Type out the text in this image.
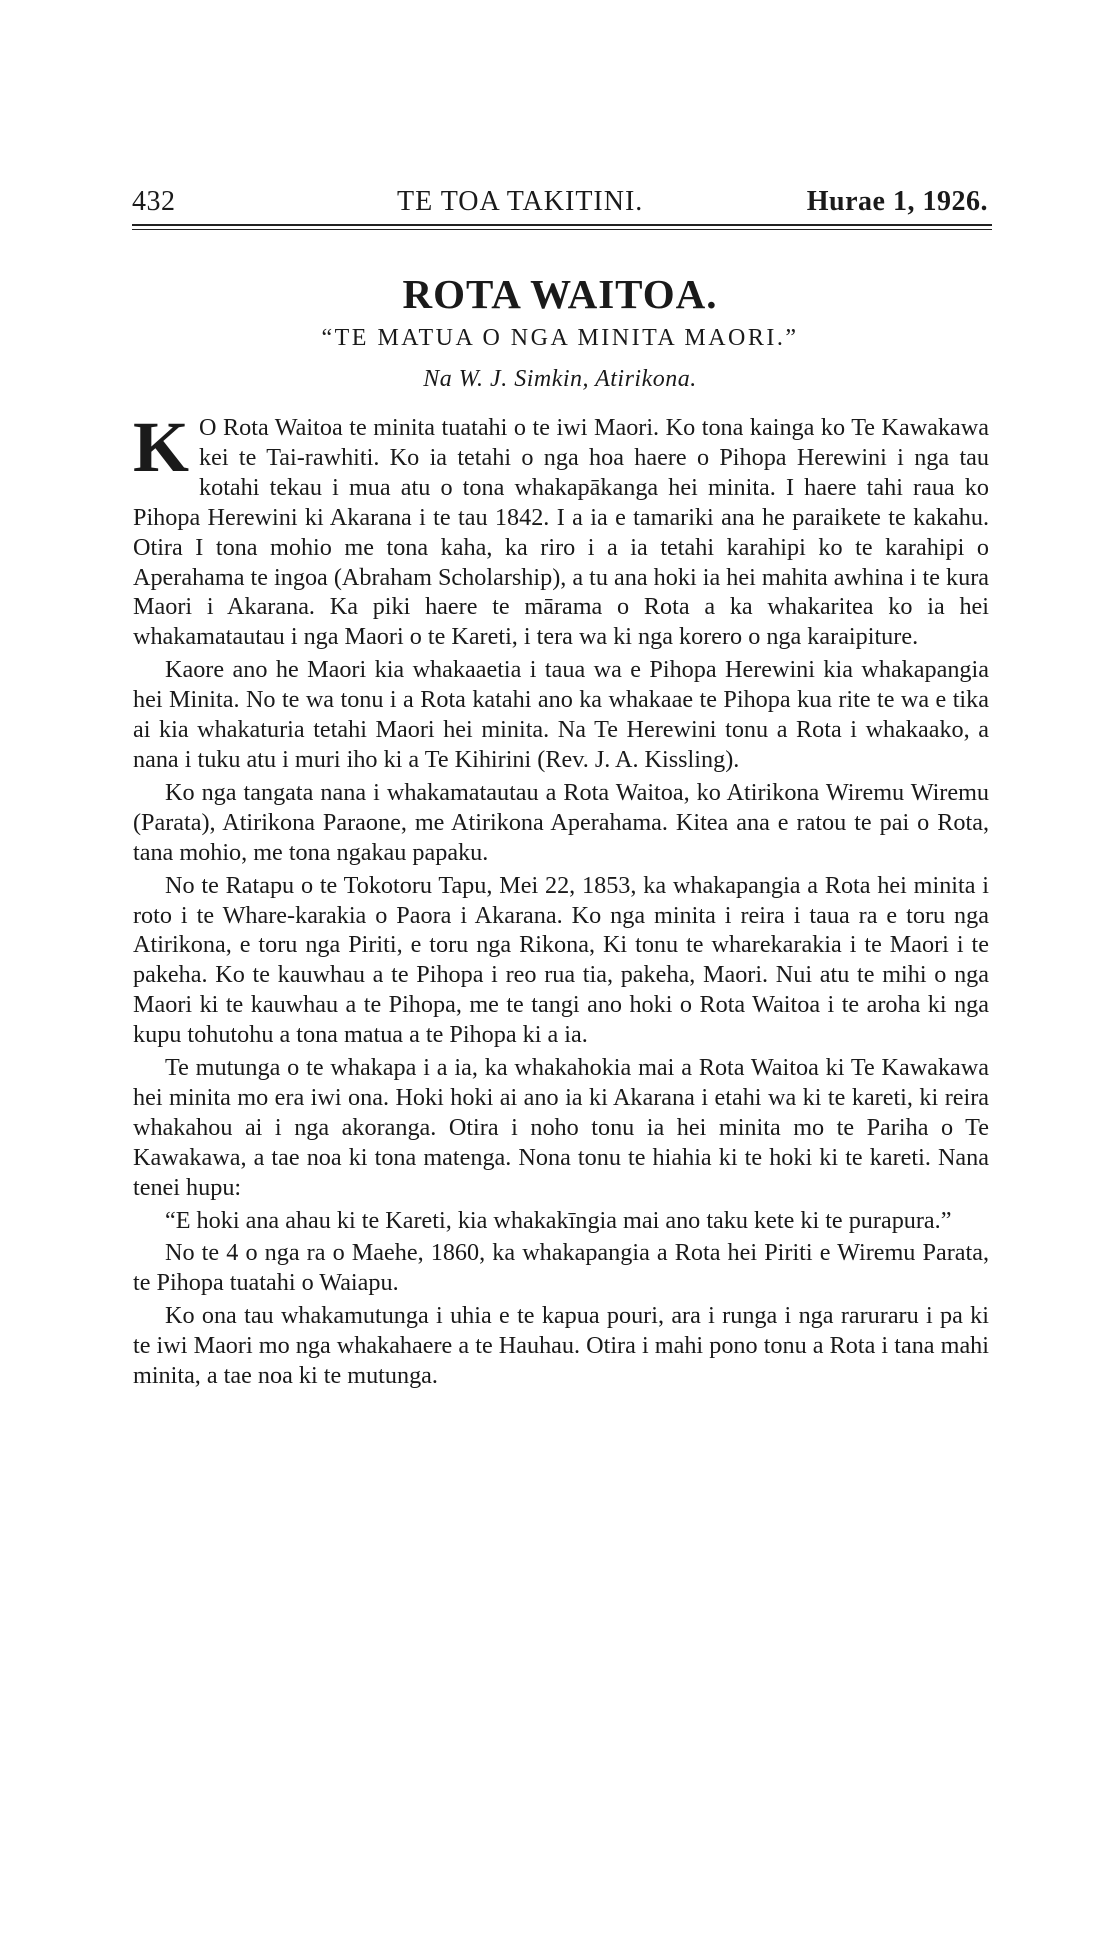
432	TE TOA TAKITINI.	Hurae 1, 1926.
ROTA WAITOA.
“TE MATUA O NGA MINITA MAORI.”
Na W. J. Simkin, Atirikona.

K O Rota Waitoa te minita tuatahi o te iwi Maori. Ko tona kainga ko Te Kawakawa kei te Tai-rawhiti. Ko ia tetahi o nga hoa haere o Pihopa Herewini i nga tau kotahi tekau i mua atu o tona whakapākanga hei minita. I haere tahi raua ko Pihopa Herewini ki Akarana i te tau 1842. I a ia e tamariki ana he paraikete te kakahu. Otira I tona mohio me tona kaha, ka riro i a ia tetahi karahipi ko te karahipi o Aperahama te ingoa (Abraham Scholarship), a tu ana hoki ia hei mahita awhina i te kura Maori i Akarana. Ka piki haere te mārama o Rota a ka whakaritea ko ia hei whakamatautau i nga Maori o te Kareti, i tera wa ki nga korero o nga karaipiture.

Kaore ano he Maori kia whakaaetia i taua wa e Pihopa Herewini kia whakapangia hei Minita. No te wa tonu i a Rota katahi ano ka whakaae te Pihopa kua rite te wa e tika ai kia whakaturia tetahi Maori hei minita. Na Te Herewini tonu a Rota i whakaako, a nana i tuku atu i muri iho ki a Te Kihirini (Rev. J. A. Kissling).

Ko nga tangata nana i whakamatautau a Rota Waitoa, ko Atirikona Wiremu Wiremu (Parata), Atirikona Paraone, me Atirikona Aperahama. Kitea ana e ratou te pai o Rota, tana mohio, me tona ngakau papaku.

No te Ratapu o te Tokotoru Tapu, Mei 22, 1853, ka whakapangia a Rota hei minita i roto i te Whare-karakia o Paora i Akarana. Ko nga minita i reira i taua ra e toru nga Atirikona, e toru nga Piriti, e toru nga Rikona, Ki tonu te wharekarakia i te Maori i te pakeha. Ko te kauwhau a te Pihopa i reo rua tia, pakeha, Maori. Nui atu te mihi o nga Maori ki te kauwhau a te Pihopa, me te tangi ano hoki o Rota Waitoa i te aroha ki nga kupu tohutohu a tona matua a te Pihopa ki a ia.

Te mutunga o te whakapa i a ia, ka whakahokia mai a Rota Waitoa ki Te Kawakawa hei minita mo era iwi ona. Hoki hoki ai ano ia ki Akarana i etahi wa ki te kareti, ki reira whakahou ai i nga akoranga. Otira i noho tonu ia hei minita mo te Pariha o Te Kawakawa, a tae noa ki tona matenga. Nona tonu te hiahia ki te hoki ki te kareti. Nana tenei hupu:

“E hoki ana ahau ki te Kareti, kia whakakīngia mai ano taku kete ki te purapura.”

No te 4 o nga ra o Maehe, 1860, ka whakapangia a Rota hei Piriti e Wiremu Parata, te Pihopa tuatahi o Waiapu.

Ko ona tau whakamutunga i uhia e te kapua pouri, ara i runga i nga raruraru i pa ki te iwi Maori mo nga whakahaere a te Hauhau. Otira i mahi pono tonu a Rota i tana mahi minita, a tae noa ki te mutunga.
